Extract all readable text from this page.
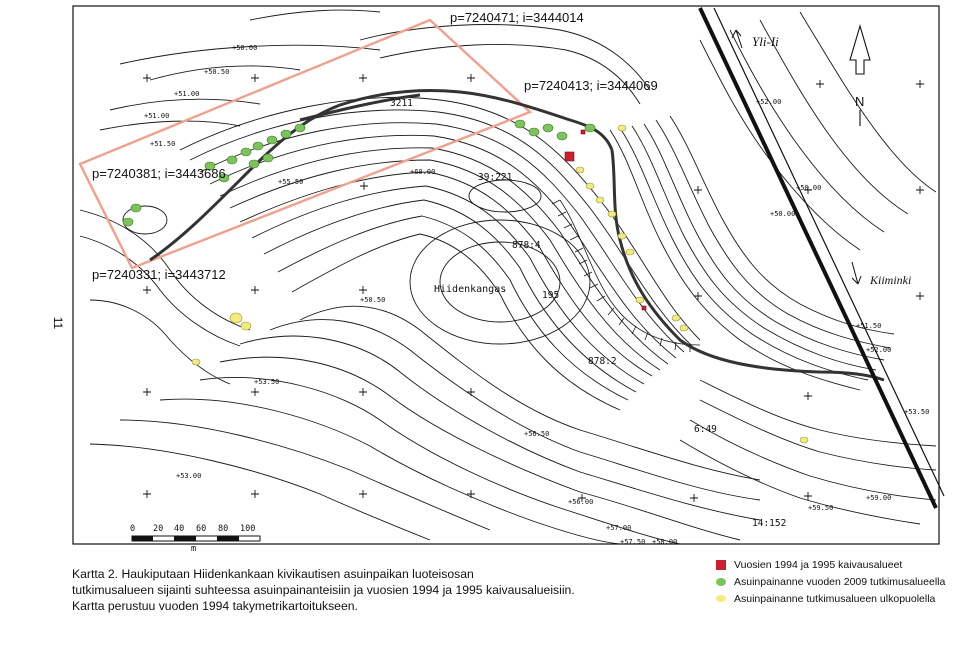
N
0 20 40 60 80 100
m
p=7240471; i=3444014
p=7240413; i=3444069
p=7240381; i=3443686
p=7240331; i=3443712
Yli-Ii
Kiiminki
Hiidenkangas
3211
39:221
878:4
195
878:2
6:49
14:152
+50.00
+50.50
+51.00
+51.00
+51.50
+55.50
+60.00
+50.00
+50.50
+52.00
+53.50
+56.50
+53.00
+56.00
+57.00
+57.50 +58.00
+59.50
+59.00
+51.50
+53.50
+50.00
+52.00
11
Kartta 2. Haukiputaan Hiidenkankaan kivikautisen asuinpaikan luoteisosan
tutkimusalueen sijainti suhteessa asuinpainanteisiin ja vuosien 1994 ja 1995 kaivausalueisiin.
Kartta perustuu vuoden 1994 takymetrikartoitukseen.
Vuosien 1994 ja 1995 kaivausalueet
Asuinpainanne vuoden 2009 tutkimusalueella
Asuinpainanne tutkimusalueen ulkopuolella
